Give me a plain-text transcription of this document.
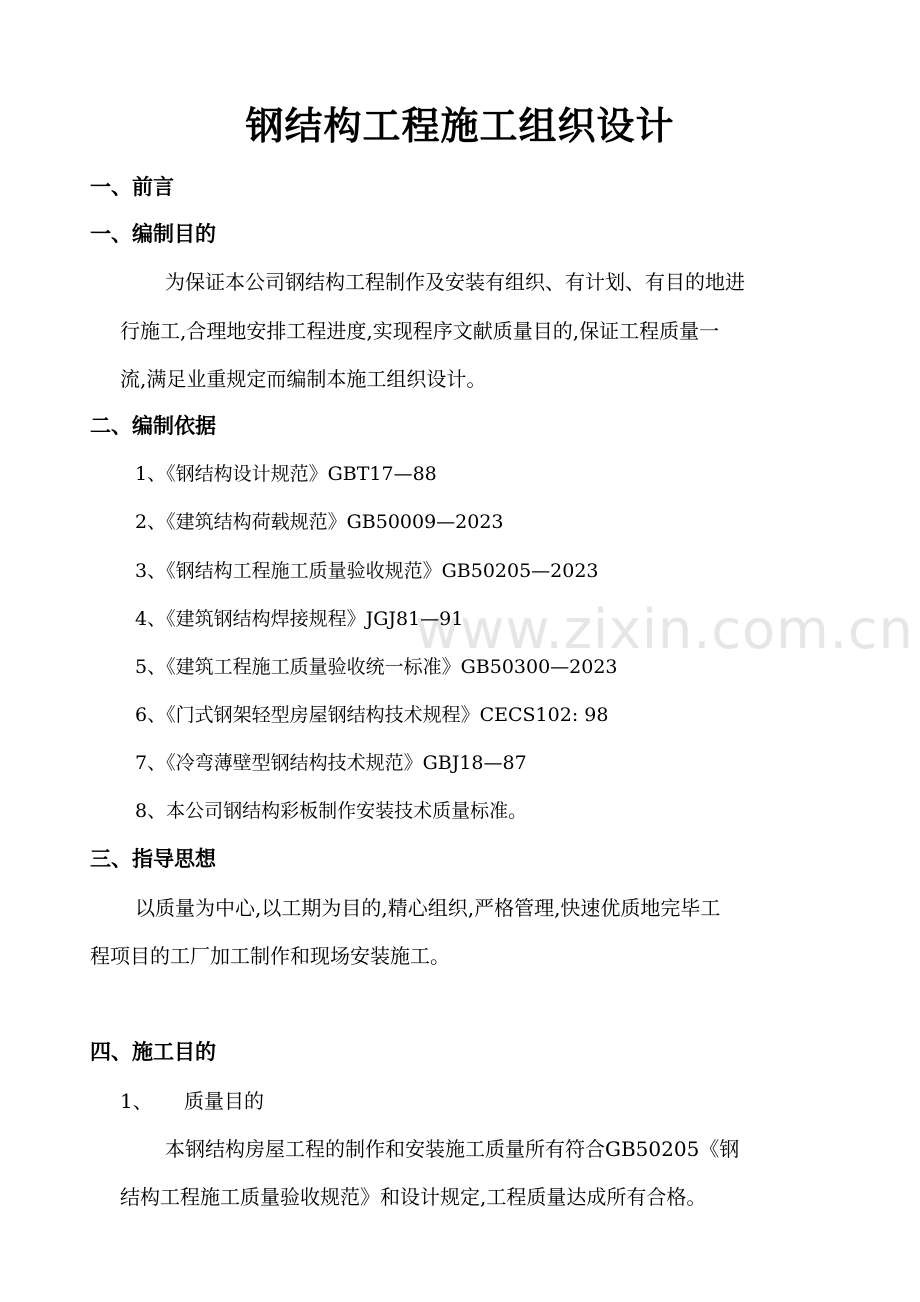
www.zixin.com.cn
钢结构工程施工组织设计
一、前言
一、编制目的
为保证本公司钢结构工程制作及安装有组织、有计划、有目的地进
行施工,合理地安排工程进度,实现程序文献质量目的,保证工程质量一
流,满足业重规定而编制本施工组织设计。
二、编制依据
1、《钢结构设计规范》GBT17—88
2、《建筑结构荷载规范》GB50009—2023
3、《钢结构工程施工质量验收规范》GB50205—2023
4、《建筑钢结构焊接规程》JGJ81—91
5、《建筑工程施工质量验收统一标准》GB50300—2023
6、《门式钢架轻型房屋钢结构技术规程》CECS102: 98
7、《冷弯薄壁型钢结构技术规范》GBJ18—87
8、本公司钢结构彩板制作安装技术质量标准。
三、指导思想
以质量为中心,以工期为目的,精心组织,严格管理,快速优质地完毕工
程项目的工厂加工制作和现场安装施工。
四、施工目的
1、 质量目的
本钢结构房屋工程的制作和安装施工质量所有符合GB50205《钢
结构工程施工质量验收规范》和设计规定,工程质量达成所有合格。
